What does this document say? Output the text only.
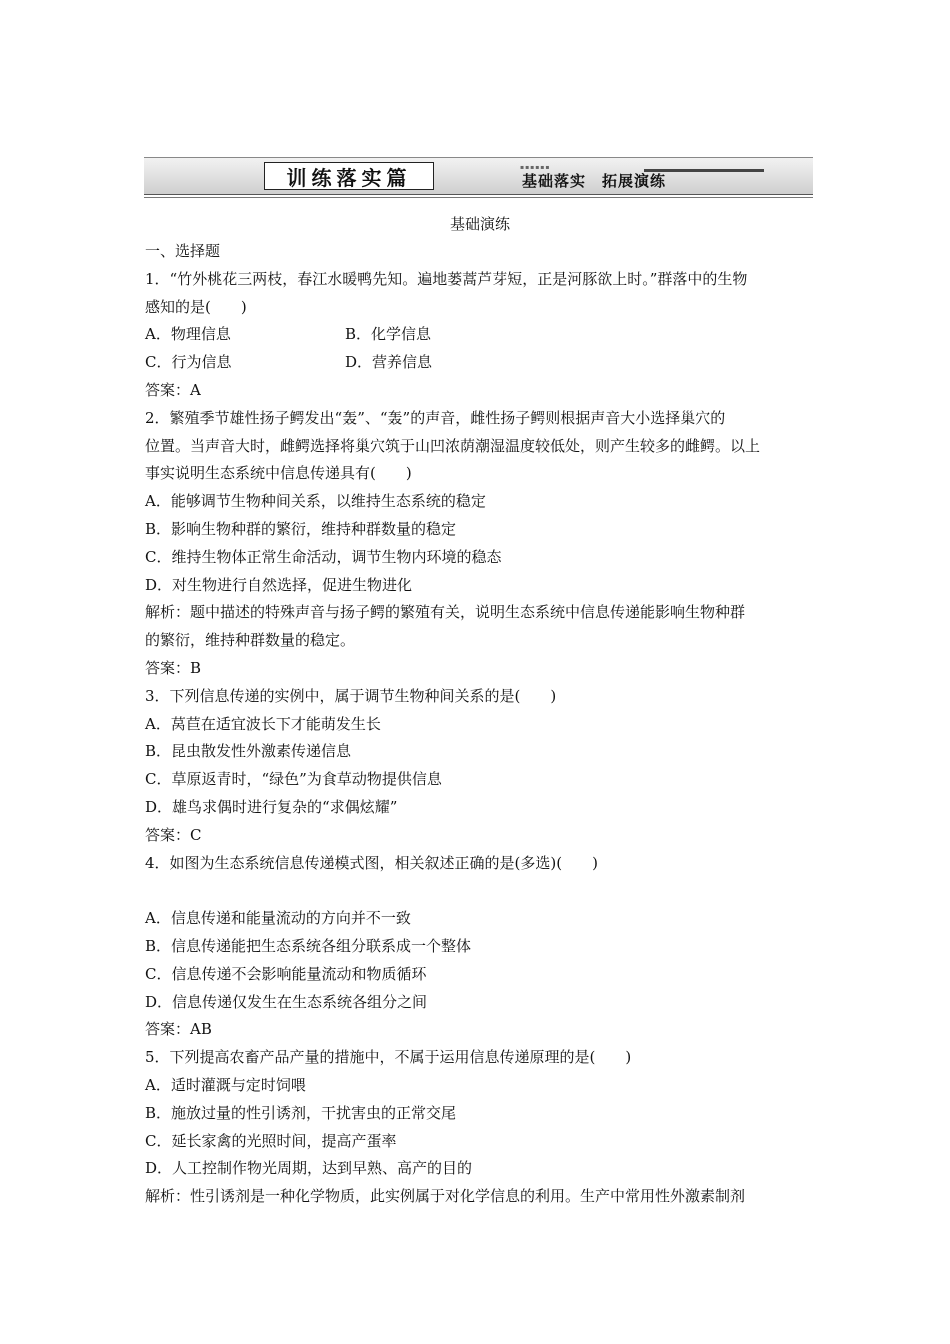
训练落实篇	▪▪▪▪▪▪
基础落实　拓展演练
基础演练
一、选择题
1．“竹外桃花三两枝，春江水暖鸭先知。遍地蒌蒿芦芽短，正是河豚欲上时。”群落中的生物
感知的是(　　)
A．物理信息	B．化学信息
C．行为信息	D．营养信息
答案：A
2．繁殖季节雄性扬子鳄发出“轰”、“轰”的声音，雌性扬子鳄则根据声音大小选择巢穴的
位置。当声音大时，雌鳄选择将巢穴筑于山凹浓荫潮湿温度较低处，则产生较多的雌鳄。以上
事实说明生态系统中信息传递具有(　　)
A．能够调节生物种间关系，以维持生态系统的稳定
B．影响生物种群的繁衍，维持种群数量的稳定
C．维持生物体正常生命活动，调节生物内环境的稳态
D．对生物进行自然选择，促进生物进化
解析：题中描述的特殊声音与扬子鳄的繁殖有关，说明生态系统中信息传递能影响生物种群
的繁衍，维持种群数量的稳定。
答案：B
3．下列信息传递的实例中，属于调节生物种间关系的是(　　)
A．莴苣在适宜波长下才能萌发生长
B．昆虫散发性外激素传递信息
C．草原返青时，“绿色”为食草动物提供信息
D．雄鸟求偶时进行复杂的“求偶炫耀”
答案：C
4．如图为生态系统信息传递模式图，相关叙述正确的是(多选)(　　)
A．信息传递和能量流动的方向并不一致
B．信息传递能把生态系统各组分联系成一个整体
C．信息传递不会影响能量流动和物质循环
D．信息传递仅发生在生态系统各组分之间
答案：AB
5．下列提高农畜产品产量的措施中，不属于运用信息传递原理的是(　　)
A．适时灌溉与定时饲喂
B．施放过量的性引诱剂，干扰害虫的正常交尾
C．延长家禽的光照时间，提高产蛋率
D．人工控制作物光周期，达到早熟、高产的目的
解析：性引诱剂是一种化学物质，此实例属于对化学信息的利用。生产中常用性外激素制剂
